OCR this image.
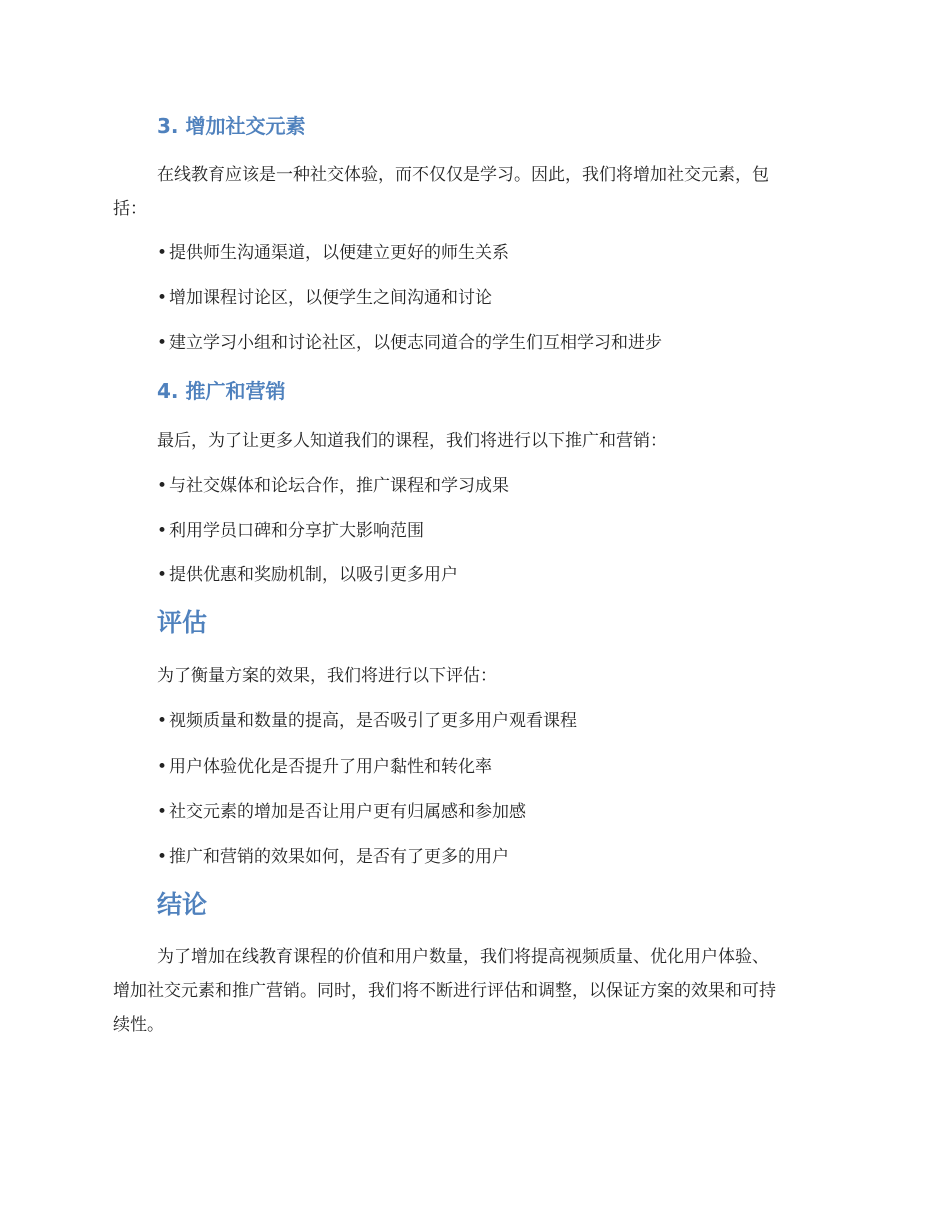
3. 增加社交元素
在线教育应该是一种社交体验，而不仅仅是学习。因此，我们将增加社交元素，包
括：
• 提供师生沟通渠道，以便建立更好的师生关系
• 增加课程讨论区，以便学生之间沟通和讨论
• 建立学习小组和讨论社区，以便志同道合的学生们互相学习和进步
4. 推广和营销
最后，为了让更多人知道我们的课程，我们将进行以下推广和营销：
• 与社交媒体和论坛合作，推广课程和学习成果
• 利用学员口碑和分享扩大影响范围
• 提供优惠和奖励机制，以吸引更多用户
评估
为了衡量方案的效果，我们将进行以下评估：
• 视频质量和数量的提高，是否吸引了更多用户观看课程
• 用户体验优化是否提升了用户黏性和转化率
• 社交元素的增加是否让用户更有归属感和参加感
• 推广和营销的效果如何，是否有了更多的用户
结论
为了增加在线教育课程的价值和用户数量，我们将提高视频质量、优化用户体验、
增加社交元素和推广营销。同时，我们将不断进行评估和调整，以保证方案的效果和可持
续性。
